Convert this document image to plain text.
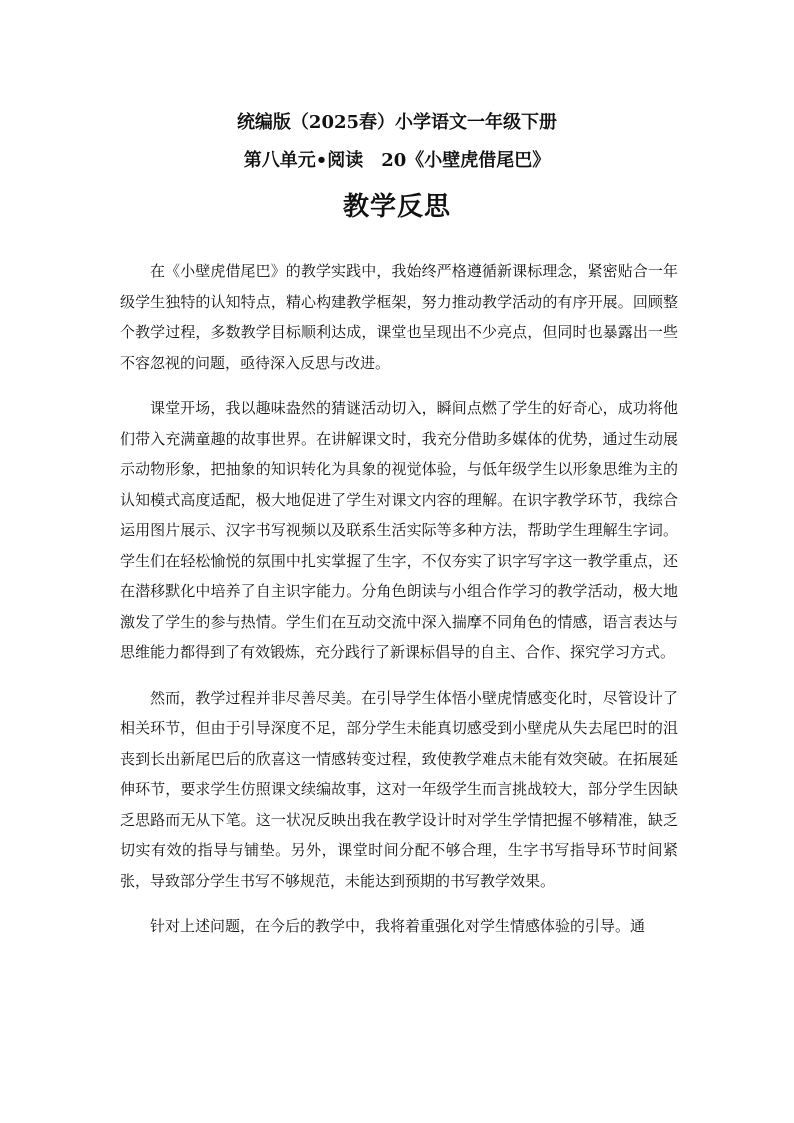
统编版（2025春）小学语文一年级下册
第八单元•阅读　20《小壁虎借尾巴》
教学反思

在《小壁虎借尾巴》的教学实践中，我始终严格遵循新课标理念，紧密贴合一年级学生独特的认知特点，精心构建教学框架，努力推动教学活动的有序开展。回顾整个教学过程，多数教学目标顺利达成，课堂也呈现出不少亮点，但同时也暴露出一些不容忽视的问题，亟待深入反思与改进。

课堂开场，我以趣味盎然的猜谜活动切入，瞬间点燃了学生的好奇心，成功将他们带入充满童趣的故事世界。在讲解课文时，我充分借助多媒体的优势，通过生动展示动物形象，把抽象的知识转化为具象的视觉体验，与低年级学生以形象思维为主的认知模式高度适配，极大地促进了学生对课文内容的理解。在识字教学环节，我综合运用图片展示、汉字书写视频以及联系生活实际等多种方法，帮助学生理解生字词。学生们在轻松愉悦的氛围中扎实掌握了生字，不仅夯实了识字写字这一教学重点，还在潜移默化中培养了自主识字能力。分角色朗读与小组合作学习的教学活动，极大地激发了学生的参与热情。学生们在互动交流中深入揣摩不同角色的情感，语言表达与思维能力都得到了有效锻炼，充分践行了新课标倡导的自主、合作、探究学习方式。

然而，教学过程并非尽善尽美。在引导学生体悟小壁虎情感变化时，尽管设计了相关环节，但由于引导深度不足，部分学生未能真切感受到小壁虎从失去尾巴时的沮丧到长出新尾巴后的欣喜这一情感转变过程，致使教学难点未能有效突破。在拓展延伸环节，要求学生仿照课文续编故事，这对一年级学生而言挑战较大，部分学生因缺乏思路而无从下笔。这一状况反映出我在教学设计时对学生学情把握不够精准，缺乏切实有效的指导与铺垫。另外，课堂时间分配不够合理，生字书写指导环节时间紧张，导致部分学生书写不够规范，未能达到预期的书写教学效果。

针对上述问题，在今后的教学中，我将着重强化对学生情感体验的引导。通
